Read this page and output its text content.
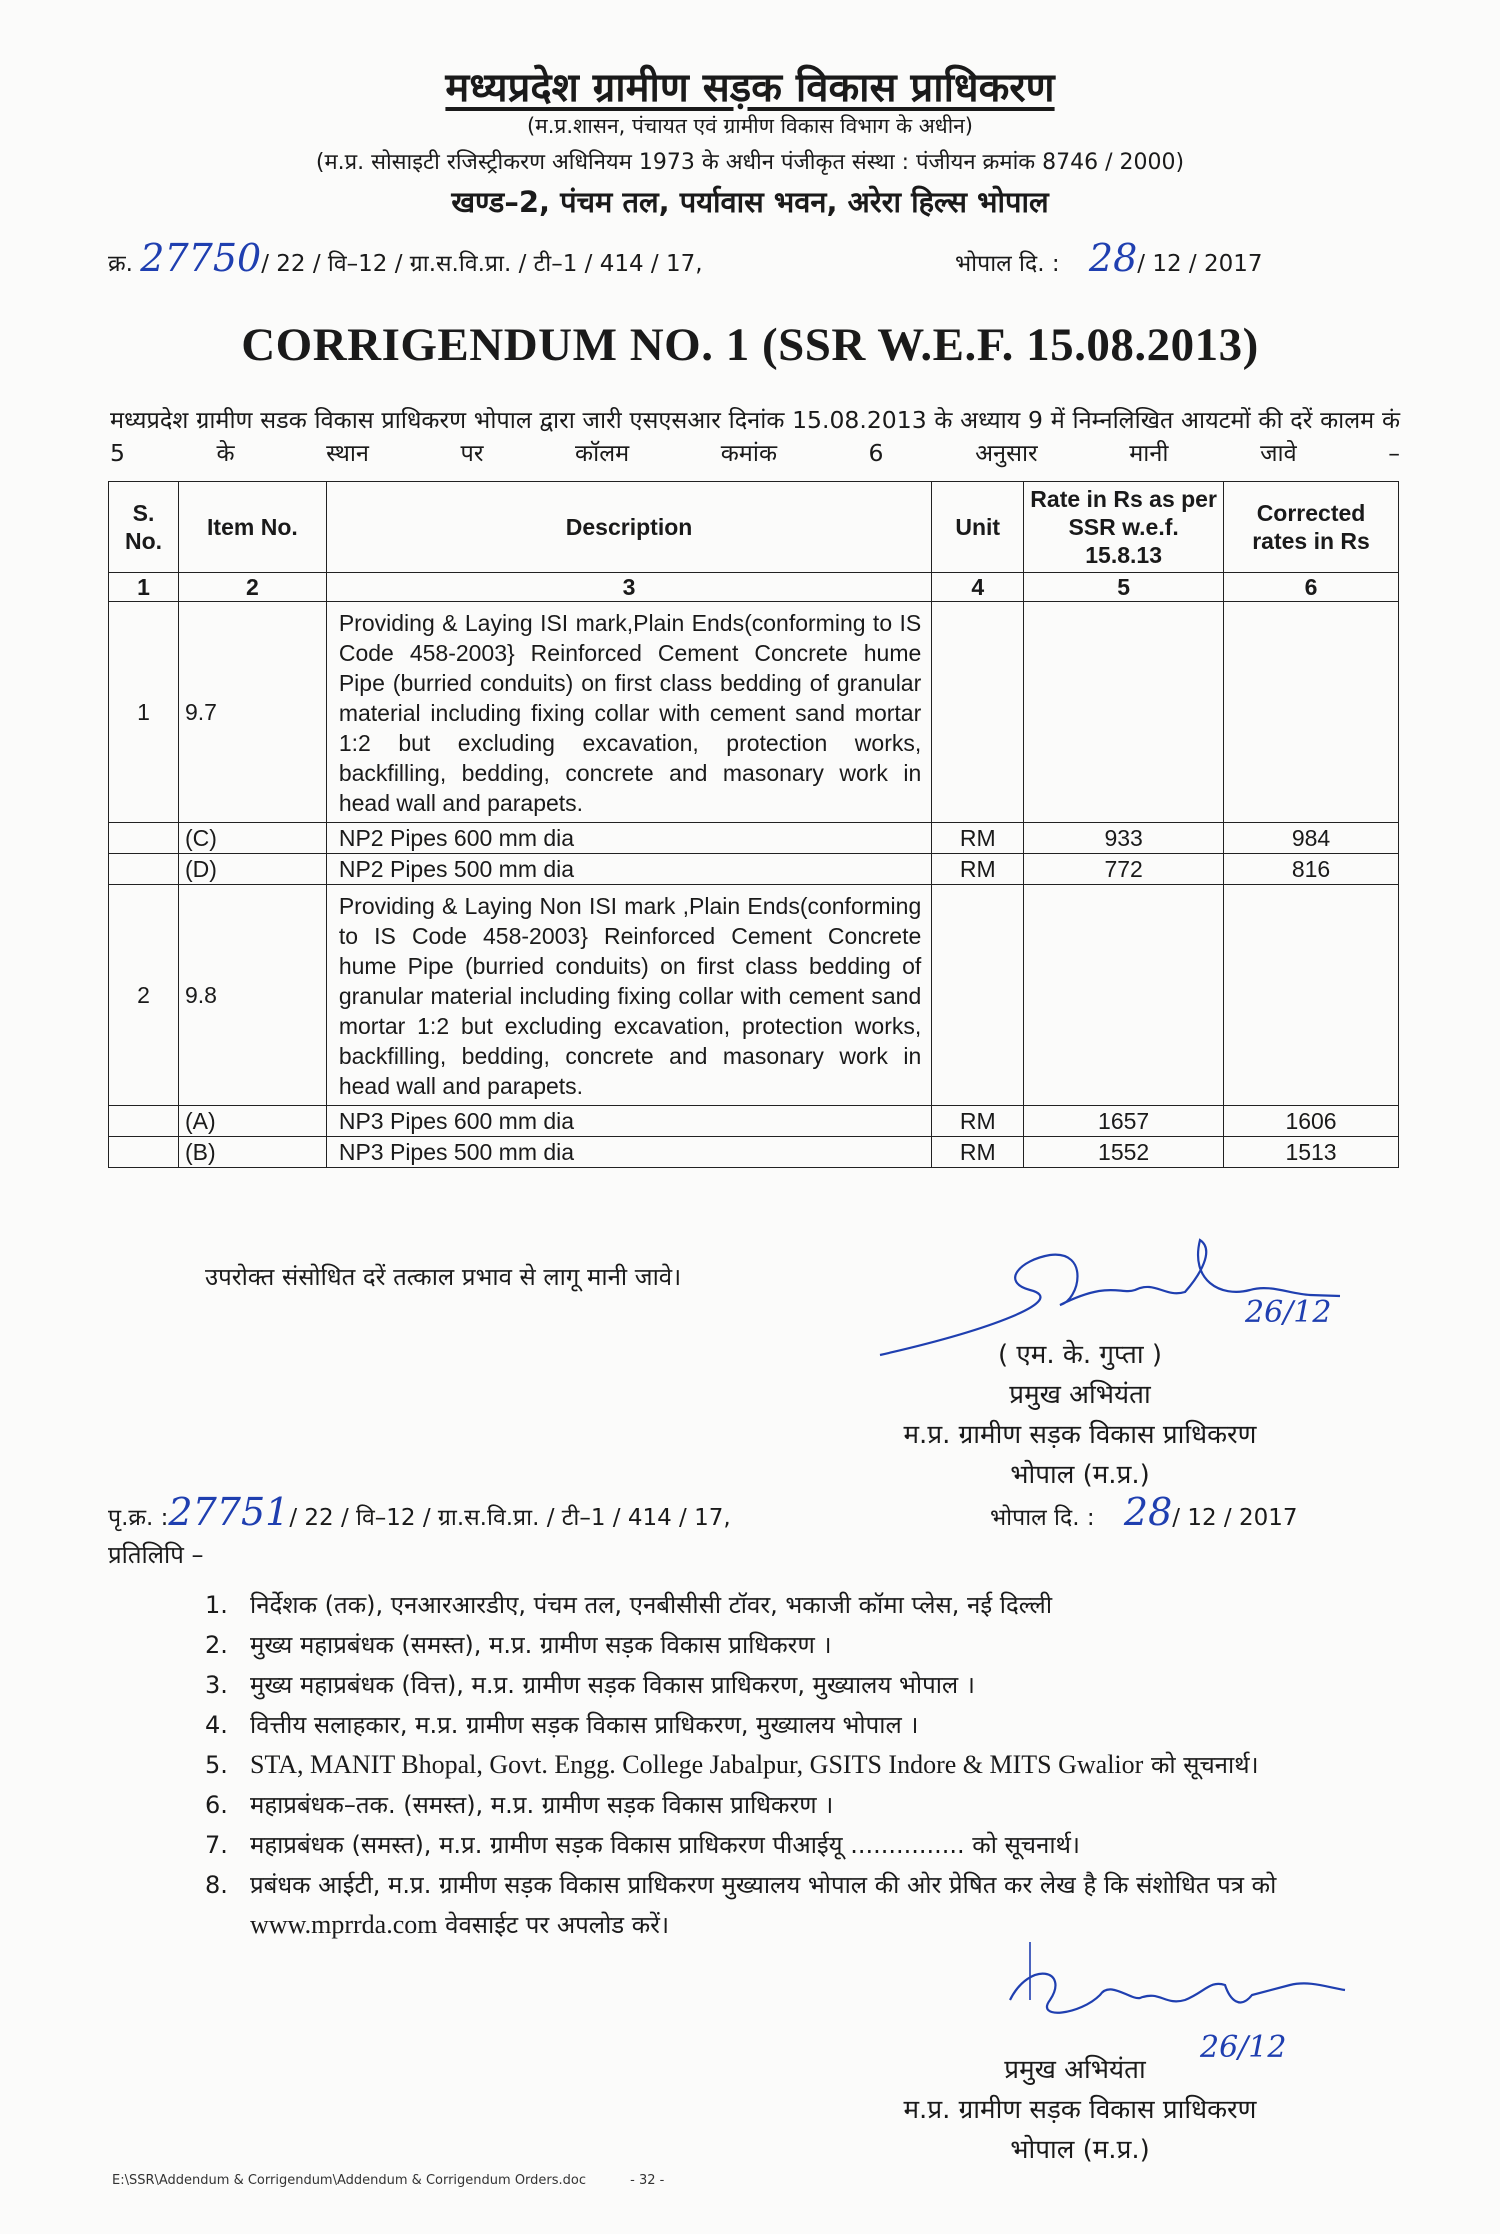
मध्यप्रदेश ग्रामीण सड़क विकास प्राधिकरण
(म.प्र.शासन, पंचायत एवं ग्रामीण विकास विभाग के अधीन)
(म.प्र. सोसाइटी रजिस्ट्रीकरण अधिनियम 1973 के अधीन पंजीकृत संस्था : पंजीयन क्रमांक 8746 / 2000)
खण्ड–2, पंचम तल, पर्यावास भवन, अरेरा हिल्स भोपाल
क्र. 27750/ 22 / वि–12 / ग्रा.स.वि.प्रा. / टी–1 / 414 / 17,	भोपाल दि. : 28/ 12 / 2017
CORRIGENDUM NO. 1 (SSR W.E.F. 15.08.2013)
मध्यप्रदेश ग्रामीण सडक विकास प्राधिकरण भोपाल द्वारा जारी एसएसआर दिनांक 15.08.2013 के अध्याय 9 में निम्नलिखित आयटमों की दरें कालम कं 5 के स्थान पर कॉलम कमांक 6 अनुसार मानी जावे –
S. No.	Item No.	Description	Unit	Rate in Rs as per SSR w.e.f. 15.8.13	Corrected rates in Rs
1	2	3	4	5	6
1	9.7	Providing & Laying ISI mark,Plain Ends(conforming to IS Code 458-2003} Reinforced Cement Concrete hume Pipe (burried conduits) on first class bedding of granular material including fixing collar with cement sand mortar 1:2 but excluding excavation, protection works, backfilling, bedding, concrete and masonary work in head wall and parapets.			
	(C)	NP2 Pipes 600 mm dia	RM	933	984
	(D)	NP2 Pipes 500 mm dia	RM	772	816
2	9.8	Providing & Laying Non ISI mark ,Plain Ends(conforming to IS Code 458-2003} Reinforced Cement Concrete hume Pipe (burried conduits) on first class bedding of granular material including fixing collar with cement sand mortar 1:2 but excluding excavation, protection works, backfilling, bedding, concrete and masonary work in head wall and parapets.			
	(A)	NP3 Pipes 600 mm dia	RM	1657	1606
	(B)	NP3 Pipes 500 mm dia	RM	1552	1513
उपरोक्त संसोधित दरें तत्काल प्रभाव से लागू मानी जावे।
26/12
( एम. के. गुप्ता )
प्रमुख अभियंता
म.प्र. ग्रामीण सड़क विकास प्राधिकरण
भोपाल (म.प्र.)
पृ.क्र. :27751/ 22 / वि–12 / ग्रा.स.वि.प्रा. / टी–1 / 414 / 17,	भोपाल दि. : 28/ 12 / 2017
प्रतिलिपि –
1. निर्देशक (तक), एनआरआरडीए, पंचम तल, एनबीसीसी टॉवर, भकाजी कॉमा प्लेस, नई दिल्ली
2. मुख्य महाप्रबंधक (समस्त), म.प्र. ग्रामीण सड़क विकास प्राधिकरण ।
3. मुख्य महाप्रबंधक (वित्त), म.प्र. ग्रामीण सड़क विकास प्राधिकरण, मुख्यालय भोपाल ।
4. वित्तीय सलाहकार, म.प्र. ग्रामीण सड़क विकास प्राधिकरण, मुख्यालय भोपाल ।
5. STA, MANIT Bhopal, Govt. Engg. College Jabalpur, GSITS Indore & MITS Gwalior को सूचनार्थ।
6. महाप्रबंधक–तक. (समस्त), म.प्र. ग्रामीण सड़क विकास प्राधिकरण ।
7. महाप्रबंधक (समस्त), म.प्र. ग्रामीण सड़क विकास प्राधिकरण पीआईयू ............... को सूचनार्थ।
8. प्रबंधक आईटी, म.प्र. ग्रामीण सड़क विकास प्राधिकरण मुख्यालय भोपाल की ओर प्रेषित कर लेख है कि संशोधित पत्र को www.mprrda.com वेवसाईट पर अपलोड करें।
26/12
प्रमुख अभियंता
म.प्र. ग्रामीण सड़क विकास प्राधिकरण
भोपाल (म.प्र.)
E:\SSR\Addendum & Corrigendum\Addendum & Corrigendum Orders.doc	- 32 -
